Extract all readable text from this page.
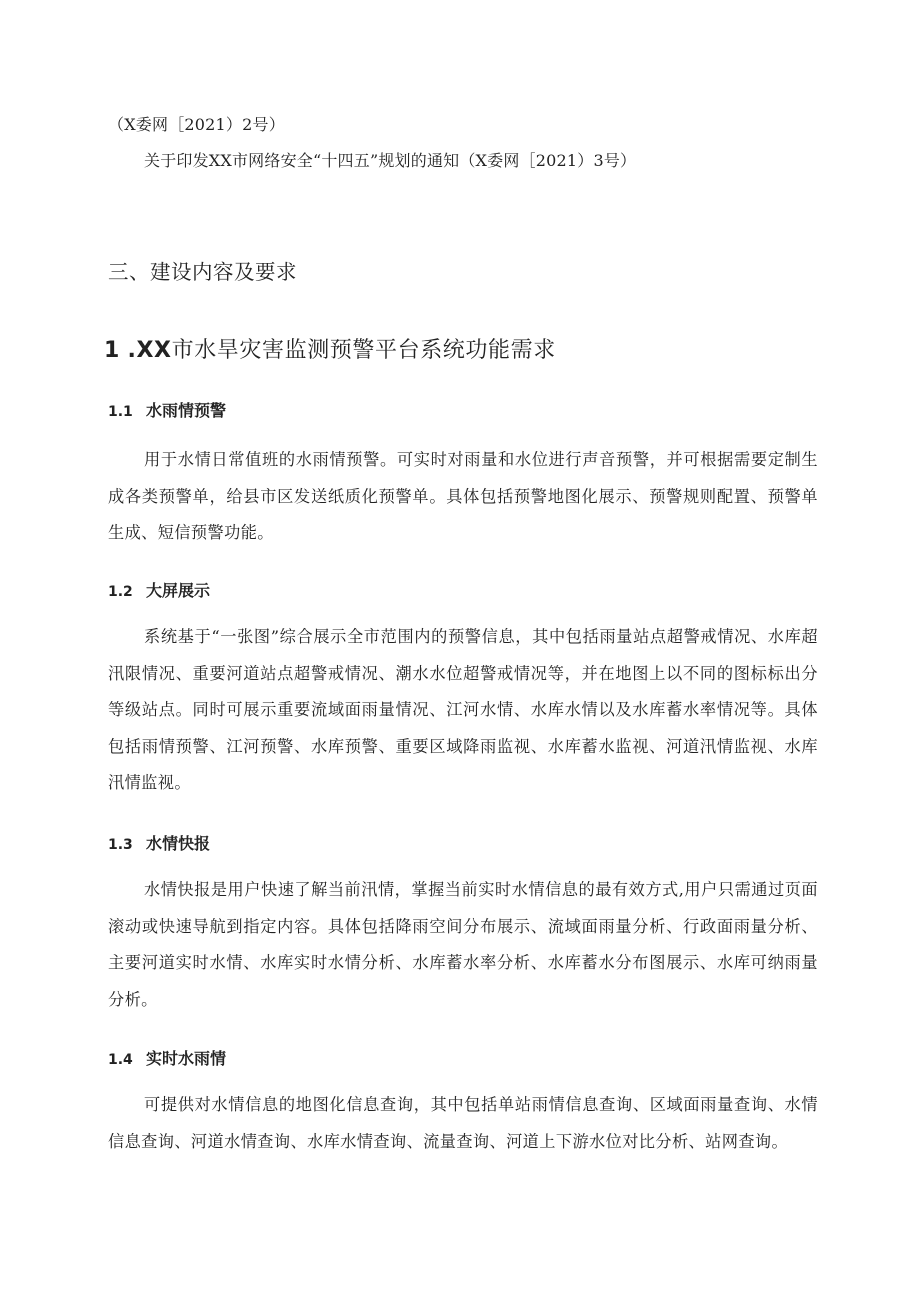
（X委网［2021）2号）
关于印发XX市网络安全“十四五”规划的通知（X委网［2021）3号）
三、建设内容及要求
1 .XX市水旱灾害监测预警平台系统功能需求
1.1 水雨情预警
用于水情日常值班的水雨情预警。可实时对雨量和水位进行声音预警，并可根据需要定制生成各类预警单，给县市区发送纸质化预警单。具体包括预警地图化展示、预警规则配置、预警单生成、短信预警功能。
1.2 大屏展示
系统基于“一张图”综合展示全市范围内的预警信息，其中包括雨量站点超警戒情况、水库超汛限情况、重要河道站点超警戒情况、潮水水位超警戒情况等，并在地图上以不同的图标标出分等级站点。同时可展示重要流域面雨量情况、江河水情、水库水情以及水库蓄水率情况等。具体包括雨情预警、江河预警、水库预警、重要区域降雨监视、水库蓄水监视、河道汛情监视、水库汛情监视。
1.3 水情快报
水情快报是用户快速了解当前汛情，掌握当前实时水情信息的最有效方式,用户只需通过页面滚动或快速导航到指定内容。具体包括降雨空间分布展示、流域面雨量分析、行政面雨量分析、主要河道实时水情、水库实时水情分析、水库蓄水率分析、水库蓄水分布图展示、水库可纳雨量分析。
1.4 实时水雨情
可提供对水情信息的地图化信息查询，其中包括单站雨情信息查询、区域面雨量查询、水情信息查询、河道水情查询、水库水情查询、流量查询、河道上下游水位对比分析、站网查询。
